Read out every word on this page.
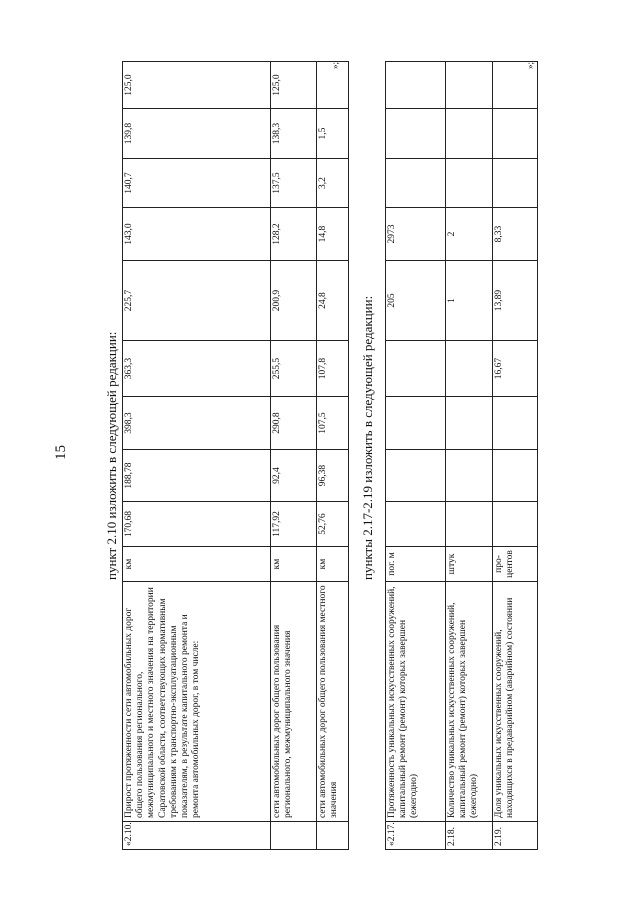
15	пункт 2.10 изложить в следующей редакции:
«2.10.	Прирост протяженности сети автомобильных дорог общего пользования регионального, межмуниципального и местного значения на территории Саратовской области, соответствующих нормативным требованиям к транспортно-эксплуатационным показателям, в результате капитального ремонта и ремонта автомобильных дорог, в том числе:	км	170,68	188,78	398,3	363,3	225,7	143,0	140,7	139,8	125,0
	сети автомобильных дорог общего пользования регионального, межмуниципального значения	км	117,92	92,4	290,8	255,5	200,9	128,2	137,5	138,3	125,0
	сети автомобильных дорог общего пользования местного значения	км	52,76	96,38	107,5	107,8	24,8	14,8	3,2	1,5	
»;
пункты 2.17-2.19 изложить в следующей редакции:
«2.17.	Протяженность уникальных искусственных сооружений, капитальный ремонт (ремонт) которых завершен (ежегодно)	пог. м					205	2973			
2.18.	Количество уникальных искусственных сооружений, капитальный ремонт (ремонт) которых завершен (ежегодно)	штук					1	2			
2.19.	Доля уникальных искусственных сооружений, находящихся в предаварийном (аварийном) состоянии	про-центов				16,67	13,89	8,33			
»;
